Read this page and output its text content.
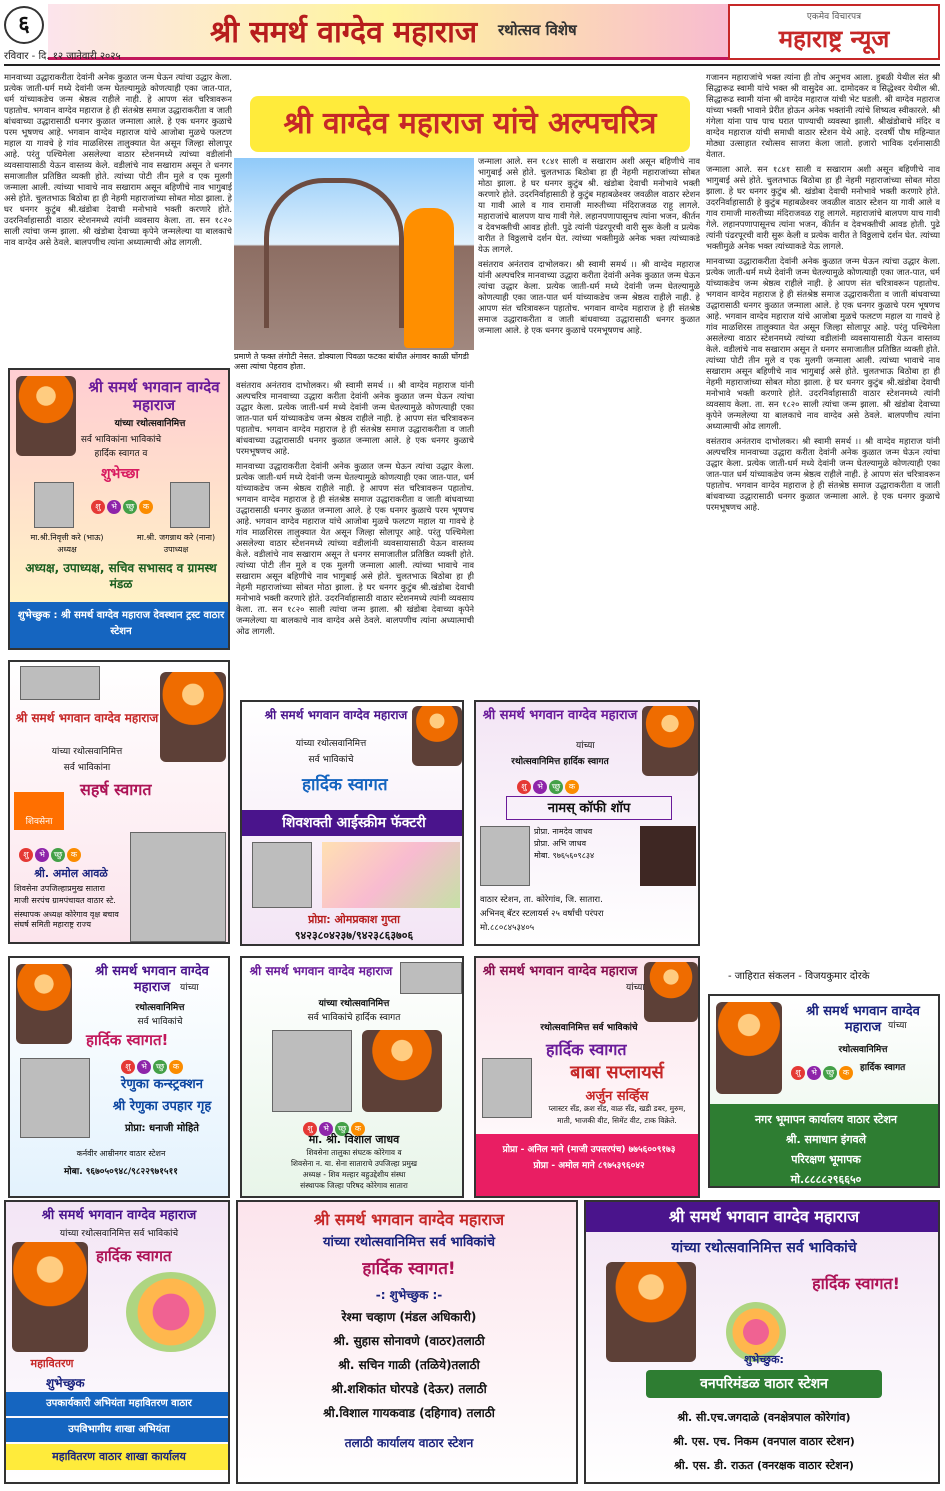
६	श्री समर्थ वाग्देव महाराज रथोत्सव विशेष
एकमेव विचारपत्र
महाराष्ट्र न्यूज
रविवार - दि. १२ जानेवारी २०२५

मानवाच्या उद्धाराकरीता देवांनी अनेक कुळात जन्म घेऊन त्यांचा उद्धार केला. प्रत्येक जाती-धर्म मध्ये देवांनी जन्म घेतल्यामुळे कोणत्याही एका जात-पात, धर्म यांच्याकडेच जन्म श्रेष्ठत्व राहीले नाही. हे आपण संत चरित्रावरून पहातोच. भगवान वाग्देव महाराज हे ही संतश्रेष्ठ समाज उद्धाराकरीता व जाती बांधवाच्या उद्धारासाठी धनगर कुळात जन्माला आले. हे एक धनगर कुळाचे परम भूषणच आहे. भगवान वाग्देव महाराज यांचे आजोबा मुळचे फलटण महाल या गावचे हे गांव माळशिरस तालुक्यात येत असून जिल्हा सोलापूर आहे. परंतु पश्चिमेला असलेल्या वाठार स्टेशनमध्ये त्यांच्या वडीलांनी व्यवसायासाठी येऊन वास्तव्य केले. वडीलांचे नाव सखाराम असून ते धनगर समाजातील प्रतिष्ठित व्यक्ती होते. त्यांच्या पोटी तीन मुले व एक मुलगी जन्माला आली. त्यांच्या भावाचे नाव सखाराम असून बहिणीचे नाव भागुबाई असे होते. चुलतभाऊ बिठोबा हा ही नेहमी महाराजांच्या सोबत मोठा झाला. हे घर धनगर कुटुंब श्री.खंडोबा देवाची मनोभावे भक्ती करणारे होते. उदरनिर्वाहासाठी वाठार स्टेशनमध्ये त्यांनी व्यवसाय केला. ता. सन १८२० साली त्यांचा जन्म झाला. श्री खंडोबा देवाच्या कृपेने जन्मलेल्या या बालकाचे नाव वाग्देव असे ठेवले. बालपणीच त्यांना अध्यात्माची ओढ लागली.

श्री वाग्देव महाराज यांचे अल्पचरित्र
प्रमाणे ते फक्त लंगोटी नेसत. डोक्याला पिवळा फटका बांधीत अंगावर काळी घोंगडी असा त्यांचा पेहराव होता.

जन्माला आले. सन १८४१ साली व सखाराम अशी असून बहिणीचे नाव भागुबाई असे होते. चुलतभाऊ बिठोबा हा ही नेहमी महाराजांच्या सोबत मोठा झाला. हे घर धनगर कुटुंब श्री. खंडोबा देवाची मनोभावे भक्ती करणारे होते. उदरनिर्वाहासाठी हे कुटुंब महाबळेश्वर जवळील वाठार स्टेशन या गावी आले व गाव रामाजी मारुतीच्या मंदिराजवळ राहू लागले. महाराजांचे बालपण याच गावी गेले. लहानपणापासूनच त्यांना भजन, कीर्तन व देवभक्तीची आवड होती. पुढे त्यांनी पंढरपूरची वारी सुरू केली व प्रत्येक वारीत ते विठ्ठलाचे दर्शन घेत. त्यांच्या भक्तीमुळे अनेक भक्त त्यांच्याकडे येऊ लागले.

वसंतराव अनंतराव दाभोलकर। श्री स्वामी समर्थ ।। श्री वाग्देव महाराज यांनी अल्पचरित्र मानवाच्या उद्धारा करीता देवांनी अनेक कुळात जन्म घेऊन त्यांचा उद्धार केला. प्रत्येक जाती-धर्म मध्ये देवांनी जन्म घेतल्यामुळे कोणत्याही एका जात-पात धर्म यांच्याकडेच जन्म श्रेष्ठत्व राहीले नाही. हे आपण संत चरित्रावरून पहातोच. भगवान वाग्देव महाराज हे ही संतश्रेष्ठ समाज उद्धाराकरीता व जाती बांधवाच्या उद्धारासाठी धनगर कुळात जन्माला आले. हे एक धनगर कुळाचे परमभूषणच आहे.

वसंतराव अनंतराव दाभोलकर। श्री स्वामी समर्थ ।। श्री वाग्देव महाराज यांनी अल्पचरित्र मानवाच्या उद्धारा करीता देवांनी अनेक कुळात जन्म घेऊन त्यांचा उद्धार केला. प्रत्येक जाती-धर्म मध्ये देवांनी जन्म घेतल्यामुळे कोणत्याही एका जात-पात धर्म यांच्याकडेच जन्म श्रेष्ठत्व राहीले नाही. हे आपण संत चरित्रावरून पहातोच. भगवान वाग्देव महाराज हे ही संतश्रेष्ठ समाज उद्धाराकरीता व जाती बांधवाच्या उद्धारासाठी धनगर कुळात जन्माला आले. हे एक धनगर कुळाचे परमभूषणच आहे.

मानवाच्या उद्धाराकरीता देवांनी अनेक कुळात जन्म घेऊन त्यांचा उद्धार केला. प्रत्येक जाती-धर्म मध्ये देवांनी जन्म घेतल्यामुळे कोणत्याही एका जात-पात, धर्म यांच्याकडेच जन्म श्रेष्ठत्व राहीले नाही. हे आपण संत चरित्रावरून पहातोच. भगवान वाग्देव महाराज हे ही संतश्रेष्ठ समाज उद्धाराकरीता व जाती बांधवाच्या उद्धारासाठी धनगर कुळात जन्माला आले. हे एक धनगर कुळाचे परम भूषणच आहे. भगवान वाग्देव महाराज यांचे आजोबा मुळचे फलटण महाल या गावचे हे गांव माळशिरस तालुक्यात येत असून जिल्हा सोलापूर आहे. परंतु पश्चिमेला असलेल्या वाठार स्टेशनमध्ये त्यांच्या वडीलांनी व्यवसायासाठी येऊन वास्तव्य केले. वडीलांचे नाव सखाराम असून ते धनगर समाजातील प्रतिष्ठित व्यक्ती होते. त्यांच्या पोटी तीन मुले व एक मुलगी जन्माला आली. त्यांच्या भावाचे नाव सखाराम असून बहिणीचे नाव भागुबाई असे होते. चुलतभाऊ बिठोबा हा ही नेहमी महाराजांच्या सोबत मोठा झाला. हे घर धनगर कुटुंब श्री.खंडोबा देवाची मनोभावे भक्ती करणारे होते. उदरनिर्वाहासाठी वाठार स्टेशनमध्ये त्यांनी व्यवसाय केला. ता. सन १८२० साली त्यांचा जन्म झाला. श्री खंडोबा देवाच्या कृपेने जन्मलेल्या या बालकाचे नाव वाग्देव असे ठेवले. बालपणीच त्यांना अध्यात्माची ओढ लागली.

गजानन महाराजांचे भक्त त्यांना ही तोच अनुभव आला. हुबळी येथील संत श्री सिद्धारूढ स्वामी यांचे भक्त श्री वासुदेव आ. दामोदकर व सिद्धेश्वर येथील श्री. सिद्धारूढ स्वामी यांना श्री वाग्देव महाराज यांची भेट घडली. श्री वाग्देव महाराज यांच्या भक्ती भावाने प्रेरीत होऊन अनेक भक्तांनी त्यांचे शिष्यत्व स्वीकारले. श्री गंगेला यांना पाच पाच घरात पाण्याची व्यवस्था झाली. श्रीखंडोबाचे मंदिर व वाग्देव महाराज यांची समाधी वाठार स्टेशन येथे आहे. दरवर्षी पौष महिन्यात मोठ्या उत्साहात रथोत्सव साजरा केला जातो. हजारो भाविक दर्शनासाठी येतात.

जन्माला आले. सन १८४१ साली व सखाराम अशी असून बहिणीचे नाव भागुबाई असे होते. चुलतभाऊ बिठोबा हा ही नेहमी महाराजांच्या सोबत मोठा झाला. हे घर धनगर कुटुंब श्री. खंडोबा देवाची मनोभावे भक्ती करणारे होते. उदरनिर्वाहासाठी हे कुटुंब महाबळेश्वर जवळील वाठार स्टेशन या गावी आले व गाव रामाजी मारुतीच्या मंदिराजवळ राहू लागले. महाराजांचे बालपण याच गावी गेले. लहानपणापासूनच त्यांना भजन, कीर्तन व देवभक्तीची आवड होती. पुढे त्यांनी पंढरपूरची वारी सुरू केली व प्रत्येक वारीत ते विठ्ठलाचे दर्शन घेत. त्यांच्या भक्तीमुळे अनेक भक्त त्यांच्याकडे येऊ लागले.

मानवाच्या उद्धाराकरीता देवांनी अनेक कुळात जन्म घेऊन त्यांचा उद्धार केला. प्रत्येक जाती-धर्म मध्ये देवांनी जन्म घेतल्यामुळे कोणत्याही एका जात-पात, धर्म यांच्याकडेच जन्म श्रेष्ठत्व राहीले नाही. हे आपण संत चरित्रावरून पहातोच. भगवान वाग्देव महाराज हे ही संतश्रेष्ठ समाज उद्धाराकरीता व जाती बांधवाच्या उद्धारासाठी धनगर कुळात जन्माला आले. हे एक धनगर कुळाचे परम भूषणच आहे. भगवान वाग्देव महाराज यांचे आजोबा मुळचे फलटण महाल या गावचे हे गांव माळशिरस तालुक्यात येत असून जिल्हा सोलापूर आहे. परंतु पश्चिमेला असलेल्या वाठार स्टेशनमध्ये त्यांच्या वडीलांनी व्यवसायासाठी येऊन वास्तव्य केले. वडीलांचे नाव सखाराम असून ते धनगर समाजातील प्रतिष्ठित व्यक्ती होते. त्यांच्या पोटी तीन मुले व एक मुलगी जन्माला आली. त्यांच्या भावाचे नाव सखाराम असून बहिणीचे नाव भागुबाई असे होते. चुलतभाऊ बिठोबा हा ही नेहमी महाराजांच्या सोबत मोठा झाला. हे घर धनगर कुटुंब श्री.खंडोबा देवाची मनोभावे भक्ती करणारे होते. उदरनिर्वाहासाठी वाठार स्टेशनमध्ये त्यांनी व्यवसाय केला. ता. सन १८२० साली त्यांचा जन्म झाला. श्री खंडोबा देवाच्या कृपेने जन्मलेल्या या बालकाचे नाव वाग्देव असे ठेवले. बालपणीच त्यांना अध्यात्माची ओढ लागली.

वसंतराव अनंतराव दाभोलकर। श्री स्वामी समर्थ ।। श्री वाग्देव महाराज यांनी अल्पचरित्र मानवाच्या उद्धारा करीता देवांनी अनेक कुळात जन्म घेऊन त्यांचा उद्धार केला. प्रत्येक जाती-धर्म मध्ये देवांनी जन्म घेतल्यामुळे कोणत्याही एका जात-पात धर्म यांच्याकडेच जन्म श्रेष्ठत्व राहीले नाही. हे आपण संत चरित्रावरून पहातोच. भगवान वाग्देव महाराज हे ही संतश्रेष्ठ समाज उद्धाराकरीता व जाती बांधवाच्या उद्धारासाठी धनगर कुळात जन्माला आले. हे एक धनगर कुळाचे परमभूषणच आहे.

- जाहिरात संकलन - विजयकुमार दोरके
श्री समर्थ भगवान वाग्देव महाराज
यांच्या रथोत्सवानिमित्त
सर्व भाविकांना भाविकांचे
हार्दिक स्वागत व
शुभेच्छा
शु भे च्छु क
मा.श्री.निवृत्ती करे (भाऊ)
अध्यक्ष
मा.श्री. जगन्नाथ करे (नाना)
उपाध्यक्ष
अध्यक्ष, उपाध्यक्ष, सचिव सभासद व ग्रामस्थ मंडळ
शुभेच्छुक : श्री समर्थ वाग्देव महाराज देवस्थान ट्रस्ट वाठार स्टेशन
श्री समर्थ भगवान वाग्देव महाराज
यांच्या रथोत्सवानिमित्त
सर्व भाविकांना
सहर्ष स्वागत
शिवसेना
शु भे च्छु क
श्री. अमोल आवळे
शिवसेना उपजिल्हाप्रमुख सातारा
माजी सरपंच ग्रामपंचायत वाठार स्टे.
संस्थापक अध्यक्ष कोरेगाव वृक्ष बचाव संघर्ष समिती महाराष्ट्र राज्य
श्री समर्थ भगवान वाग्देव महाराज
यांच्या रथोत्सवानिमित्त
सर्व भाविकांचे
हार्दिक स्वागत
शिवशक्ती आईस्क्रीम फॅक्टरी
प्रोप्रा: ओमप्रकाश गुप्ता
९४२३८०४२३७/९४२३८६३७०६
श्री समर्थ भगवान वाग्देव महाराज
यांच्या
रथोत्सवानिमित्त हार्दिक स्वागत
शु भे च्छु क
नामस् कॉफी शॉप
प्रोप्रा. नामदेव जाधव
प्रोप्रा. अभि जाधव
मोबा. ९७६५६०९८३४
वाठार स्टेशन, ता. कोरेगांव, जि. सातारा.
अभिनव् बॅटर स्टलायर्स २५ वर्षांची परंपरा
मो.८८०८४५३४०५
श्री समर्थ भगवान वाग्देव महाराज	यांच्या
रथोत्सवानिमित्त
सर्व भाविकांचे
हार्दिक स्वागत!
शु भे च्छु क
रेणुका कन्स्ट्रक्शन
श्री रेणुका उपहार गृह
प्रोप्रा: धनाजी मोहिते
कर्नवीर आम्रीनगर वाठार स्टेशन
मोबा. ९६७०५०९४८/९८२२९७१५११
श्री समर्थ भगवान वाग्देव महाराज
यांच्या रथोत्सवानिमित्त
सर्व भाविकांचे हार्दिक स्वागत
शु भे च्छु क
मा. श्री. विशाल जाधव
शिवसेना तालुका संघटक कोरेगाव व
शिवसेना न. या. सेना साताराचे उपजिल्हा प्रमुख
अध्यक्ष - शिव मल्हार बहुउद्देशीय संस्था
संस्थापक जिल्हा परिषद कोरेगाव सातारा
श्री समर्थ भगवान वाग्देव महाराज
यांच्या
रथोत्सवानिमित्त सर्व भाविकांचे
हार्दिक स्वागत
बाबा सप्लायर्स
अर्जुन सर्व्हिस
प्लास्टर सँड, क्रश सँड, वाळ सँड, खडी डबर, मुरुम,
माती, भाजकी वीट, सिमेंट वीट, टाक विक्रेते.
प्रोप्रा - अनिल माने (माजी उपसरपंच) ७७५६००९१७३
प्रोप्रा - अमोल माने ८९७५३९६०४२
श्री समर्थ भगवान वाग्देव महाराज यांच्या
रथोत्सवानिमित्त
शु भे च्छु क	हार्दिक स्वागत
नगर भूमापन कार्यालय वाठार स्टेशन
श्री. समाधान इंगवले
परिरक्षण भूमापक
मो.८८८८२९६६५०
श्री समर्थ भगवान वाग्देव महाराज
यांच्या रथोत्सवानिमित्त सर्व भाविकांचे
हार्दिक स्वागत
महावितरण
शुभेच्छुक
उपकार्यकारी अभियंता महावितरण वाठार
उपविभागीय शाखा अभियंता
महावितरण वाठार शाखा कार्यालय
श्री समर्थ भगवान वाग्देव महाराज
यांच्या रथोत्सवानिमित्त सर्व भाविकांचे
हार्दिक स्वागत!
-: शुभेच्छुक :-
रेश्मा चव्हाण (मंडल अधिकारी)
श्री. सुहास सोनावणे (वाठर)तलाठी
श्री. सचिन गाळी (तळिये)तलाठी
श्री.शशिकांत घोरपडे (देऊर) तलाठी
श्री.विशाल गायकवाड (दहिगाव) तलाठी
तलाठी कार्यालय वाठार स्टेशन
श्री समर्थ भगवान वाग्देव महाराज
यांच्या रथोत्सवानिमित्त सर्व भाविकांचे
हार्दिक स्वागत!
शुभेच्छुक:
वनपरिमंडळ वाठार स्टेशन
श्री. सी.एच.जगदाळे (वनक्षेत्रपाल कोरेगांव)
श्री. एस. एच. निकम (वनपाल वाठार स्टेशन)
श्री. एस. डी. राऊत (वनरक्षक वाठार स्टेशन)
